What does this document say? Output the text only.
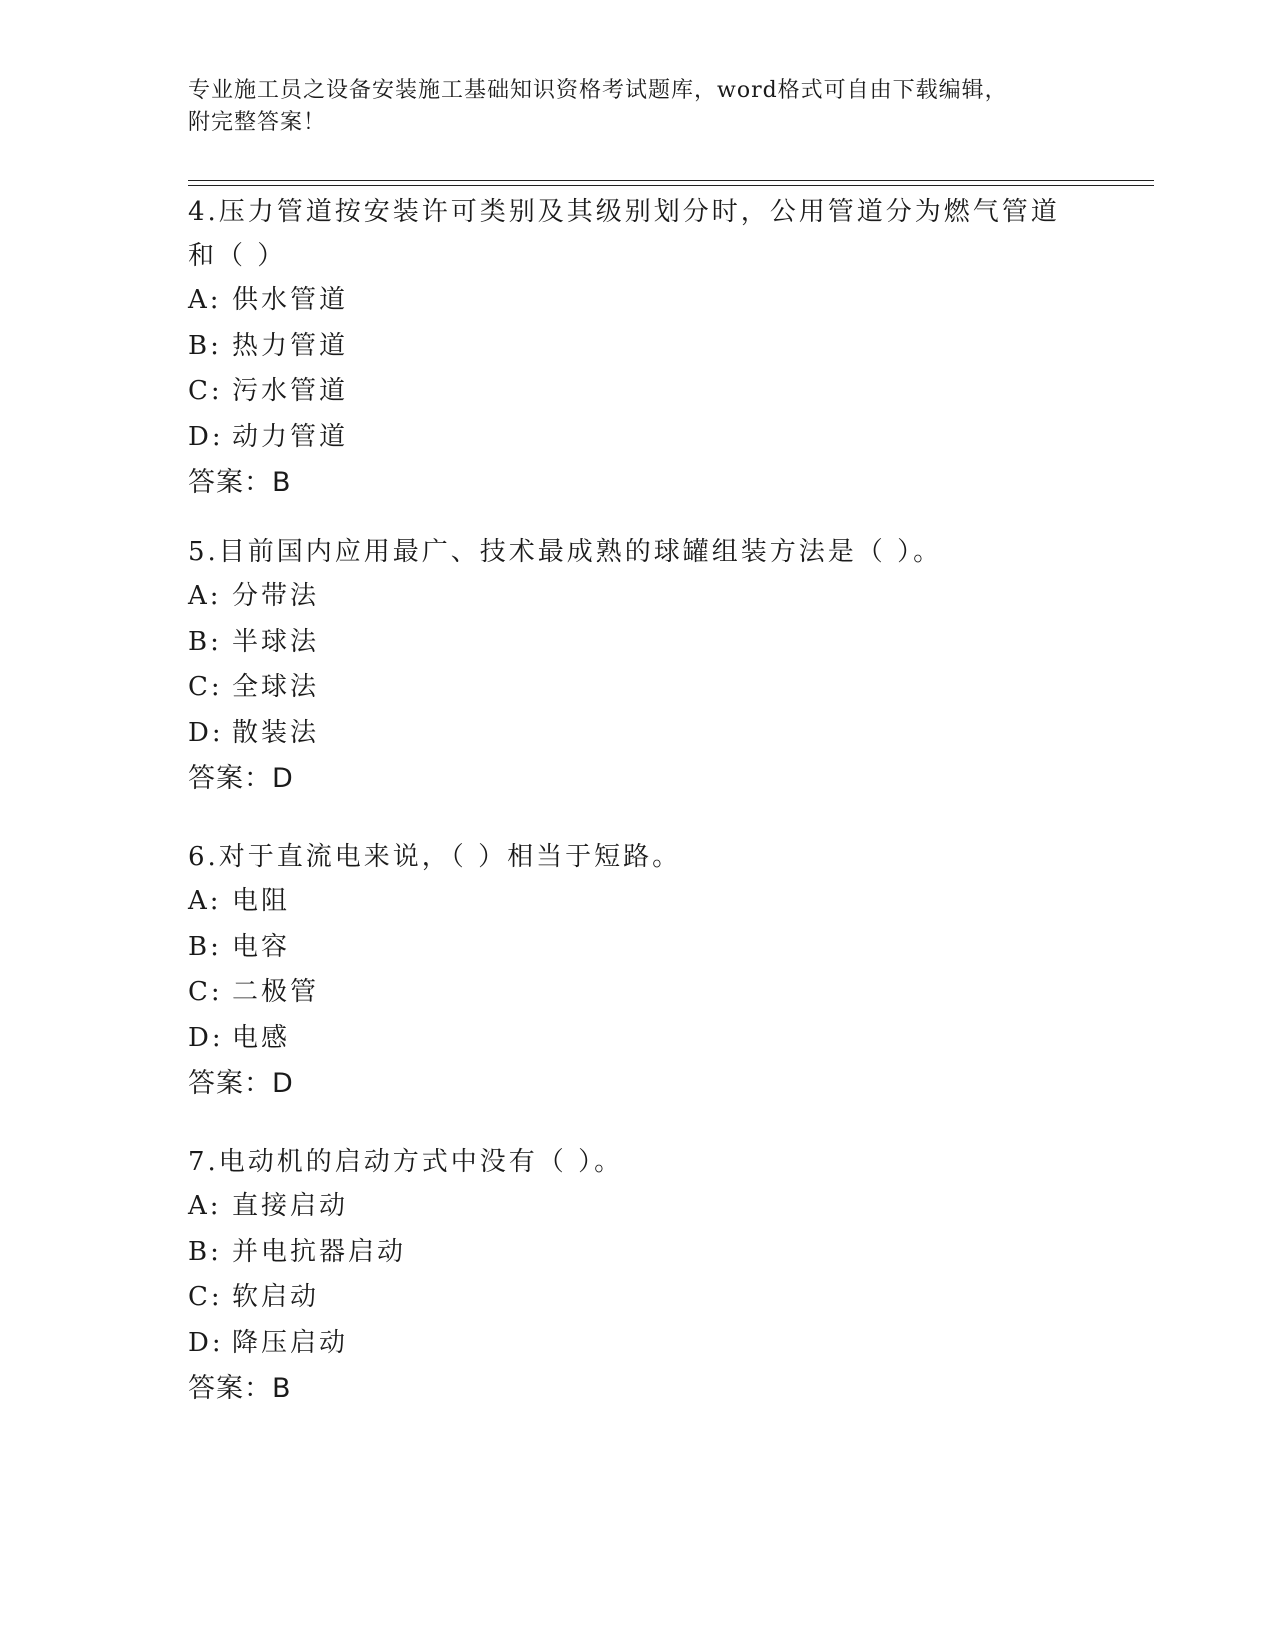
专业施工员之设备安装施工基础知识资格考试题库，word格式可自由下载编辑，
附完整答案！
4.压力管道按安装许可类别及其级别划分时，公用管道分为燃气管道
和（ ）
A: 供水管道
B: 热力管道
C: 污水管道
D: 动力管道
答案：B
5.目前国内应用最广、技术最成熟的球罐组装方法是（ ）。
A: 分带法
B: 半球法
C: 全球法
D: 散装法
答案：D
6.对于直流电来说，（ ）相当于短路。
A: 电阻
B: 电容
C: 二极管
D: 电感
答案：D
7.电动机的启动方式中没有（ ）。
A: 直接启动
B: 并电抗器启动
C: 软启动
D: 降压启动
答案：B
